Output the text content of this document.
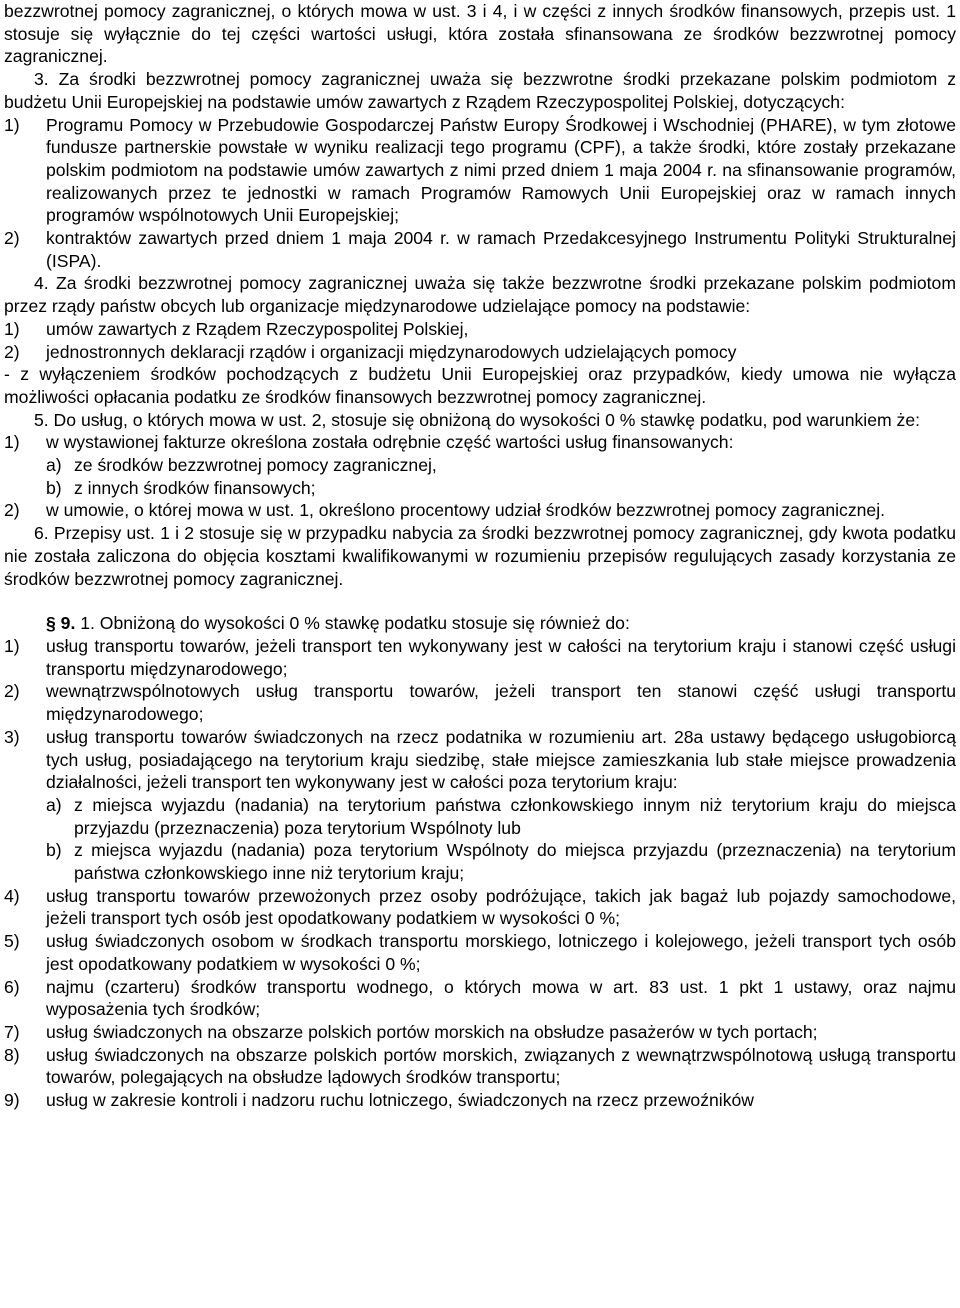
bezzwrotnej pomocy zagranicznej, o których mowa w ust. 3 i 4, i w części z innych środków finansowych, przepis ust. 1 stosuje się wyłącznie do tej części wartości usługi, która została sfinansowana ze środków bezzwrotnej pomocy zagranicznej.

3. Za środki bezzwrotnej pomocy zagranicznej uważa się bezzwrotne środki przekazane polskim podmiotom z budżetu Unii Europejskiej na podstawie umów zawartych z Rządem Rzeczypospolitej Polskiej, dotyczących:

1)	Programu Pomocy w Przebudowie Gospodarczej Państw Europy Środkowej i Wschodniej (PHARE), w tym złotowe fundusze partnerskie powstałe w wyniku realizacji tego programu (CPF), a także środki, które zostały przekazane polskim podmiotom na podstawie umów zawartych z nimi przed dniem 1 maja 2004 r. na sfinansowanie programów, realizowanych przez te jednostki w ramach Programów Ramowych Unii Europejskiej oraz w ramach innych programów wspólnotowych Unii Europejskiej;
2)	kontraktów zawartych przed dniem 1 maja 2004 r. w ramach Przedakcesyjnego Instrumentu Polityki Strukturalnej (ISPA).

4. Za środki bezzwrotnej pomocy zagranicznej uważa się także bezzwrotne środki przekazane polskim podmiotom przez rządy państw obcych lub organizacje międzynarodowe udzielające pomocy na podstawie:

1)	umów zawartych z Rządem Rzeczypospolitej Polskiej,
2)	jednostronnych deklaracji rządów i organizacji międzynarodowych udzielających pomocy

- z wyłączeniem środków pochodzących z budżetu Unii Europejskiej oraz przypadków, kiedy umowa nie wyłącza możliwości opłacania podatku ze środków finansowych bezzwrotnej pomocy zagranicznej.

5. Do usług, o których mowa w ust. 2, stosuje się obniżoną do wysokości 0 % stawkę podatku, pod warunkiem że:

1)	w wystawionej fakturze określona została odrębnie część wartości usług finansowanych:
a) ze środków bezzwrotnej pomocy zagranicznej,
b) z innych środków finansowych;
2)	w umowie, o której mowa w ust. 1, określono procentowy udział środków bezzwrotnej pomocy zagranicznej.

6. Przepisy ust. 1 i 2 stosuje się w przypadku nabycia za środki bezzwrotnej pomocy zagranicznej, gdy kwota podatku nie została zaliczona do objęcia kosztami kwalifikowanymi w rozumieniu przepisów regulujących zasady korzystania ze środków bezzwrotnej pomocy zagranicznej.

§ 9. 1. Obniżoną do wysokości 0 % stawkę podatku stosuje się również do:

1)	usług transportu towarów, jeżeli transport ten wykonywany jest w całości na terytorium kraju i stanowi część usługi transportu międzynarodowego;
2)	wewnątrzwspólnotowych usług transportu towarów, jeżeli transport ten stanowi część usługi transportu międzynarodowego;
3)	usług transportu towarów świadczonych na rzecz podatnika w rozumieniu art. 28a ustawy będącego usługobiorcą tych usług, posiadającego na terytorium kraju siedzibę, stałe miejsce zamieszkania lub stałe miejsce prowadzenia działalności, jeżeli transport ten wykonywany jest w całości poza terytorium kraju:
a) z miejsca wyjazdu (nadania) na terytorium państwa członkowskiego innym niż terytorium kraju do miejsca przyjazdu (przeznaczenia) poza terytorium Wspólnoty lub
b) z miejsca wyjazdu (nadania) poza terytorium Wspólnoty do miejsca przyjazdu (przeznaczenia) na terytorium państwa członkowskiego inne niż terytorium kraju;
4)	usług transportu towarów przewożonych przez osoby podróżujące, takich jak bagaż lub pojazdy samochodowe, jeżeli transport tych osób jest opodatkowany podatkiem w wysokości 0 %;
5)	usług świadczonych osobom w środkach transportu morskiego, lotniczego i kolejowego, jeżeli transport tych osób jest opodatkowany podatkiem w wysokości 0 %;
6)	najmu (czarteru) środków transportu wodnego, o których mowa w art. 83 ust. 1 pkt 1 ustawy, oraz najmu wyposażenia tych środków;
7)	usług świadczonych na obszarze polskich portów morskich na obsłudze pasażerów w tych portach;
8)	usług świadczonych na obszarze polskich portów morskich, związanych z wewnątrzwspólnotową usługą transportu towarów, polegających na obsłudze lądowych środków transportu;
9)	usług w zakresie kontroli i nadzoru ruchu lotniczego, świadczonych na rzecz przewoźników
